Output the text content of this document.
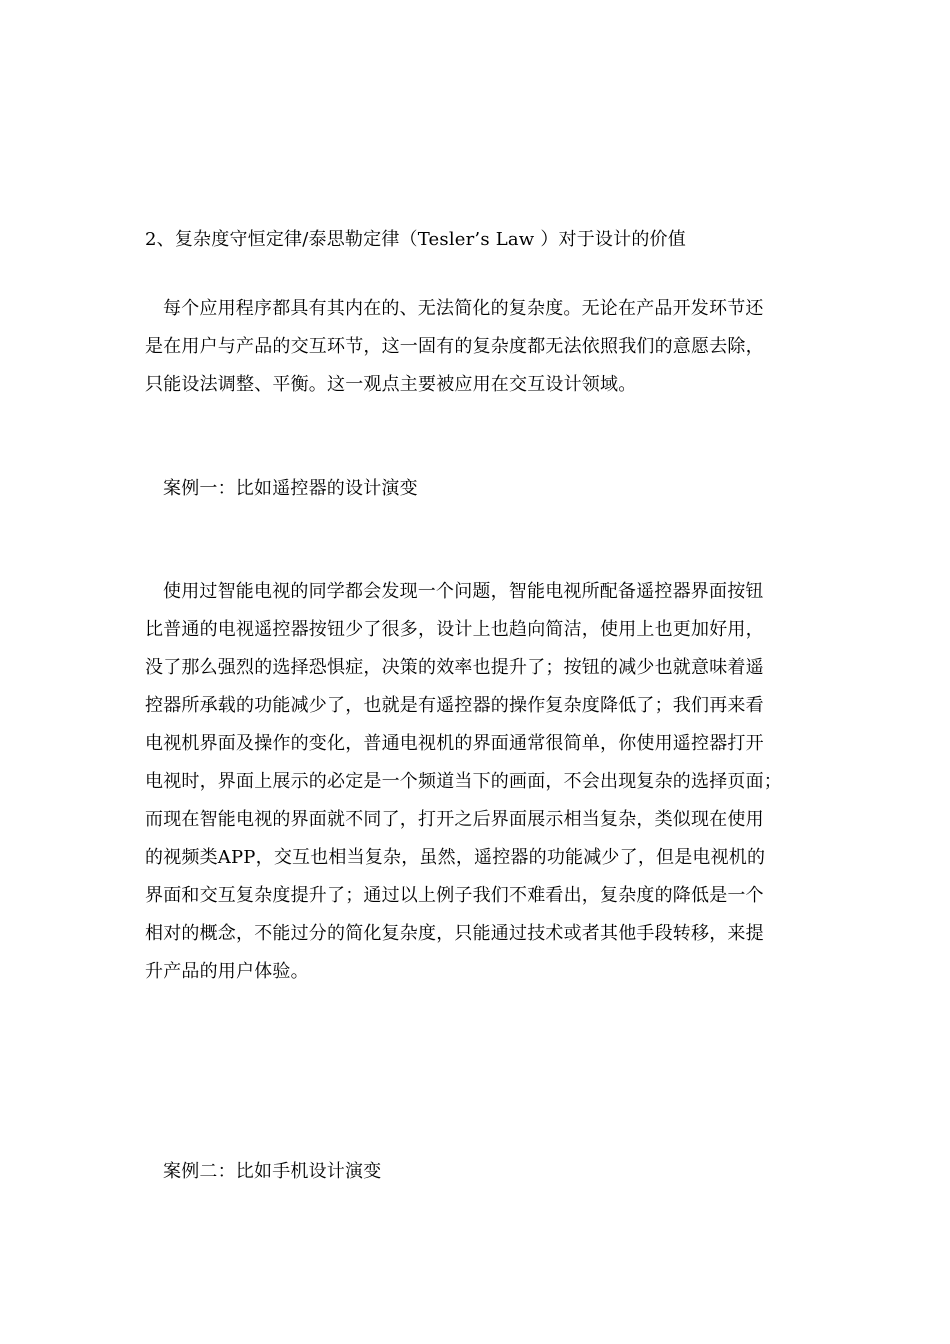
2、复杂度守恒定律/泰思勒定律（Tesler’s Law ）对于设计的价值
每个应用程序都具有其内在的、无法简化的复杂度。无论在产品开发环节还
是在用户与产品的交互环节，这一固有的复杂度都无法依照我们的意愿去除，
只能设法调整、平衡。这一观点主要被应用在交互设计领域。
案例一：比如遥控器的设计演变
使用过智能电视的同学都会发现一个问题，智能电视所配备遥控器界面按钮
比普通的电视遥控器按钮少了很多，设计上也趋向简洁，使用上也更加好用，
没了那么强烈的选择恐惧症，决策的效率也提升了；按钮的减少也就意味着遥
控器所承载的功能减少了，也就是有遥控器的操作复杂度降低了；我们再来看
电视机界面及操作的变化，普通电视机的界面通常很简单，你使用遥控器打开
电视时，界面上展示的必定是一个频道当下的画面，不会出现复杂的选择页面；
而现在智能电视的界面就不同了，打开之后界面展示相当复杂，类似现在使用
的视频类APP，交互也相当复杂，虽然，遥控器的功能减少了，但是电视机的
界面和交互复杂度提升了；通过以上例子我们不难看出，复杂度的降低是一个
相对的概念，不能过分的简化复杂度，只能通过技术或者其他手段转移，来提
升产品的用户体验。
案例二：比如手机设计演变
